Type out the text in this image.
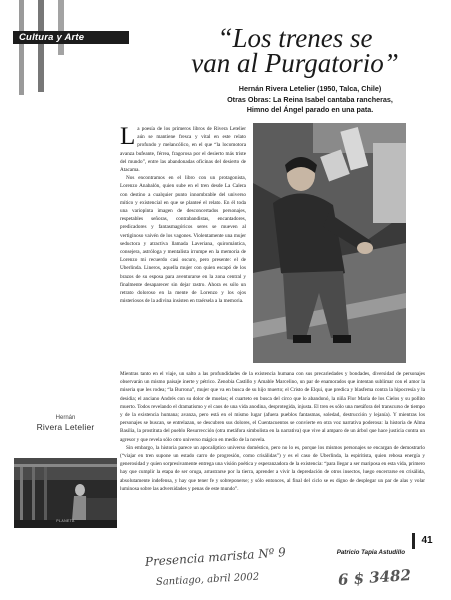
Cultura y Arte	“Los trenes se
van al Purgatorio”
Hernán Rivera Letelier (1950, Talca, Chile)
Otras Obras: La Reina Isabel cantaba rancheras,
Himno del Ángel parado en una pata.
L a poesía de los primeros libros de Rivera Letelier aún se mantiene fresca y vital en este relato profundo y melancólico, en el que “la locomotora avanza bufeante, férrea, fragorosa por el desierto más triste del mundo”, entre las abandonadas oficinas del desierto de Atacama.

Nos encontramos en el libro con un protagonista, Lorenzo Anabalón, quien sube en el tren desde La Calera con destino a cualquier punto innombrable del universo mítico y existencial en que se planteé el relato. En él toda una variopinta imagen de desconcertados personajes, respetables señoras, contrabandistas, encantadores, predicadores y fantasmagóricos seres se mueven al vertiginoso vaivén de los vagones. Violentamente una mujer seductora y atractiva llamada Laveriana, quiromántica, consejera, astróloga y mentalista irrumpe en la memoria de Lorenzo mi recuerdo casi oscuro, pero presente: el de Uberlinda. Lineros, aquella mujer con quien escapó de los brazos de su esposa para aventurarse en la zona central y finalmente desaparecer sin dejar rastro. Ahora es sólo un retrato doloroso en la mente de Lorenzo y los ojos misteriosos de la adivina insisten en traérsela a la memoria.

Mientras tanto en el viaje, un salto a las profundidades de la existencia humana con sus precariedades y bondades, diversidad de personajes observarán un mismo paisaje inerte y pétrico. Zenobia Castillo y Amable Marcelino, un par de enamorados que intentan sublimar con el amor la miseria que les rodea; “la Burrona”, mujer que va en busca de su hijo muerto; el Cristo de Elqui, que predica y blasfema contra la hipocresía y la desidia; el anciano Andrés con su dolor de muelas; el cuarteto en busca del circo que lo abandonó, la niña Flor María de los Cielos y su pollito muerto. Todos revelando el dramatismo y el caos de una vida anodina, desprotegida, injusta. El tren es sólo una metáfora del transcurso de tiempo y de la existencia humana; avanza, pero está en el mismo lugar (afuera pueblos fantasmas, soledad, destrucción y lejanía). Y mientras los personajes se buscan, se entrelazan, se descubren sus dolores, el Cuentacuentos se convierte en otra voz narrativa poderosa: la historia de Alma Basilia, la prostituta del pueblo Resurrección (otra metáfora simbolista en la narrativa) que vive al amparo de un árbol que hace justicia contra un agresor y que revela sólo otro universo mágico en medio de la novela.

Sin embargo, la historia parece un apocalíptico universo doméstico, pero no lo es, porque los mismos personajes se encargan de demostrarlo (“viajar en tren supone un estado carro de progresión, como crisálidas”) y es el caso de Uberlinda, la espiritista, quien rebosa energía y generosidad y quien sorpresivamente entrega una visión poética y esperanzadora de la existencia: “para llegar a ser mariposa en esta vida, primero hay que cumplir la etapa de ser oruga, arrastrarse por la tierra, aprender a vivir la depredación de otros insectos, luego encerrarse en crisálida, absolutamente indefensa, y hay que tener fe y sobreponerse; y sólo entonces, al final del ciclo se es digno de desplegar un par de alas y volar luminosa sobre las adversidades y penas de este mundo”.

Patricio Tapia Astudillo
41
Hernán
Rivera Letelier
LOS TRENES SE VAN

PLANETA
Presencia marista Nº 9
Santiago, abril 2002	6 $ 3482
